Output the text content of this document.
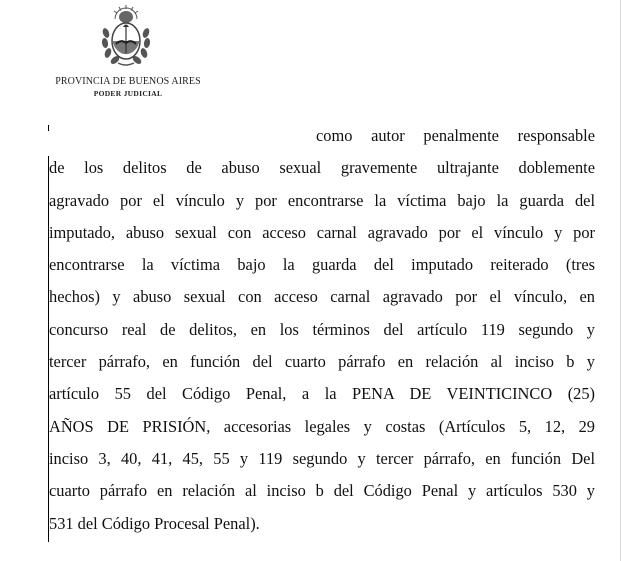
PROVINCIA DE BUENOS AIRES
PODER JUDICIAL
como autor penalmente responsable
de los delitos de abuso sexual gravemente ultrajante doblemente
agravado por el vínculo y por encontrarse la víctima bajo la guarda del
imputado, abuso sexual con acceso carnal agravado por el vínculo y por
encontrarse la víctima bajo la guarda del imputado reiterado (tres
hechos) y abuso sexual con acceso carnal agravado por el vínculo, en
concurso real de delitos, en los términos del artículo 119 segundo y
tercer párrafo, en función del cuarto párrafo en relación al inciso b y
artículo 55 del Código Penal, a la PENA DE VEINTICINCO (25)
AÑOS DE PRISIÓN, accesorias legales y costas (Artículos 5, 12, 29
inciso 3, 40, 41, 45, 55 y 119 segundo y tercer párrafo, en función Del
cuarto párrafo en relación al inciso b del Código Penal y artículos 530 y
531 del Código Procesal Penal).
